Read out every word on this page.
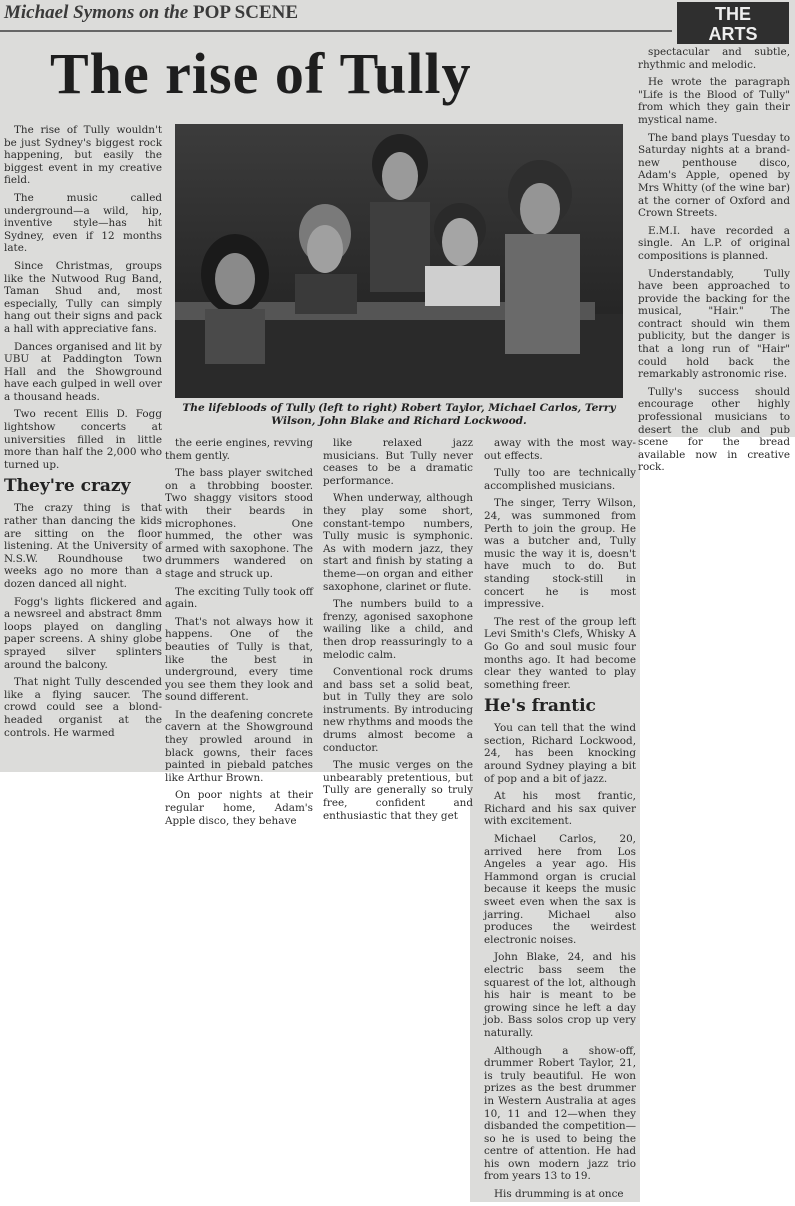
Michael Symons on the POP SCENE	THE
ARTS
The rise of Tully
The lifebloods of Tully (left to right) Robert Taylor, Michael Carlos, Terry Wilson, John Blake and Richard Lockwood.

The rise of Tully wouldn't be just Sydney's biggest rock happening, but easily the biggest event in my creative field.

The music called underground—a wild, hip, inventive style—has hit Sydney, even if 12 months late.

Since Christmas, groups like the Nutwood Rug Band, Taman Shud and, most especially, Tully can simply hang out their signs and pack a hall with appreciative fans.

Dances organised and lit by UBU at Paddington Town Hall and the Showground have each gulped in well over a thousand heads.

Two recent Ellis D. Fogg lightshow concerts at universities filled in little more than half the 2,000 who turned up.

They're crazy

The crazy thing is that rather than dancing the kids are sitting on the floor listening. At the University of N.S.W. Roundhouse two weeks ago no more than a dozen danced all night.

Fogg's lights flickered and a newsreel and abstract 8mm loops played on dangling paper screens. A shiny globe sprayed silver splinters around the balcony.

That night Tully descended like a flying saucer. The crowd could see a blond-headed organist at the controls. He warmed

the eerie engines, revving them gently.

The bass player switched on a throbbing booster. Two shaggy visitors stood with their beards in microphones. One hummed, the other was armed with saxophone. The drummers wandered on stage and struck up.

The exciting Tully took off again.

That's not always how it happens. One of the beauties of Tully is that, like the best in underground, every time you see them they look and sound different.

In the deafening concrete cavern at the Showground they prowled around in black gowns, their faces painted in piebald patches like Arthur Brown.

On poor nights at their regular home, Adam's Apple disco, they behave

like relaxed jazz musicians. But Tully never ceases to be a dramatic performance.

When underway, although they play some short, constant-tempo numbers, Tully music is symphonic. As with modern jazz, they start and finish by stating a theme—on organ and either saxophone, clarinet or flute.

The numbers build to a frenzy, agonised saxophone wailing like a child, and then drop reassuringly to a melodic calm.

Conventional rock drums and bass set a solid beat, but in Tully they are solo instruments. By introducing new rhythms and moods the drums almost become a conductor.

The music verges on the unbearably pretentious, but Tully are generally so truly free, confident and enthusiastic that they get

away with the most way-out effects.

Tully too are technically accomplished musicians.

The singer, Terry Wilson, 24, was summoned from Perth to join the group. He was a butcher and, Tully music the way it is, doesn't have much to do. But standing stock-still in concert he is most impressive.

The rest of the group left Levi Smith's Clefs, Whisky A Go Go and soul music four months ago. It had become clear they wanted to play something freer.

He's frantic

You can tell that the wind section, Richard Lockwood, 24, has been knocking around Sydney playing a bit of pop and a bit of jazz.

At his most frantic, Richard and his sax quiver with excitement.

Michael Carlos, 20, arrived here from Los Angeles a year ago. His Hammond organ is crucial because it keeps the music sweet even when the sax is jarring. Michael also produces the weirdest electronic noises.

John Blake, 24, and his electric bass seem the squarest of the lot, although his hair is meant to be growing since he left a day job. Bass solos crop up very naturally.

Although a show-off, drummer Robert Taylor, 21, is truly beautiful. He won prizes as the best drummer in Western Australia at ages 10, 11 and 12—when they disbanded the competition—so he is used to being the centre of attention. He had his own modern jazz trio from years 13 to 19.

His drumming is at once

spectacular and subtle, rhythmic and melodic.

He wrote the paragraph "Life is the Blood of Tully" from which they gain their mystical name.

The band plays Tuesday to Saturday nights at a brand-new penthouse disco, Adam's Apple, opened by Mrs Whitty (of the wine bar) at the corner of Oxford and Crown Streets.

E.M.I. have recorded a single. An L.P. of original compositions is planned.

Understandably, Tully have been approached to provide the backing for the musical, "Hair." The contract should win them publicity, but the danger is that a long run of "Hair" could hold back the remarkably astronomic rise.

Tully's success should encourage other highly professional musicians to desert the club and pub scene for the bread available now in creative rock.
